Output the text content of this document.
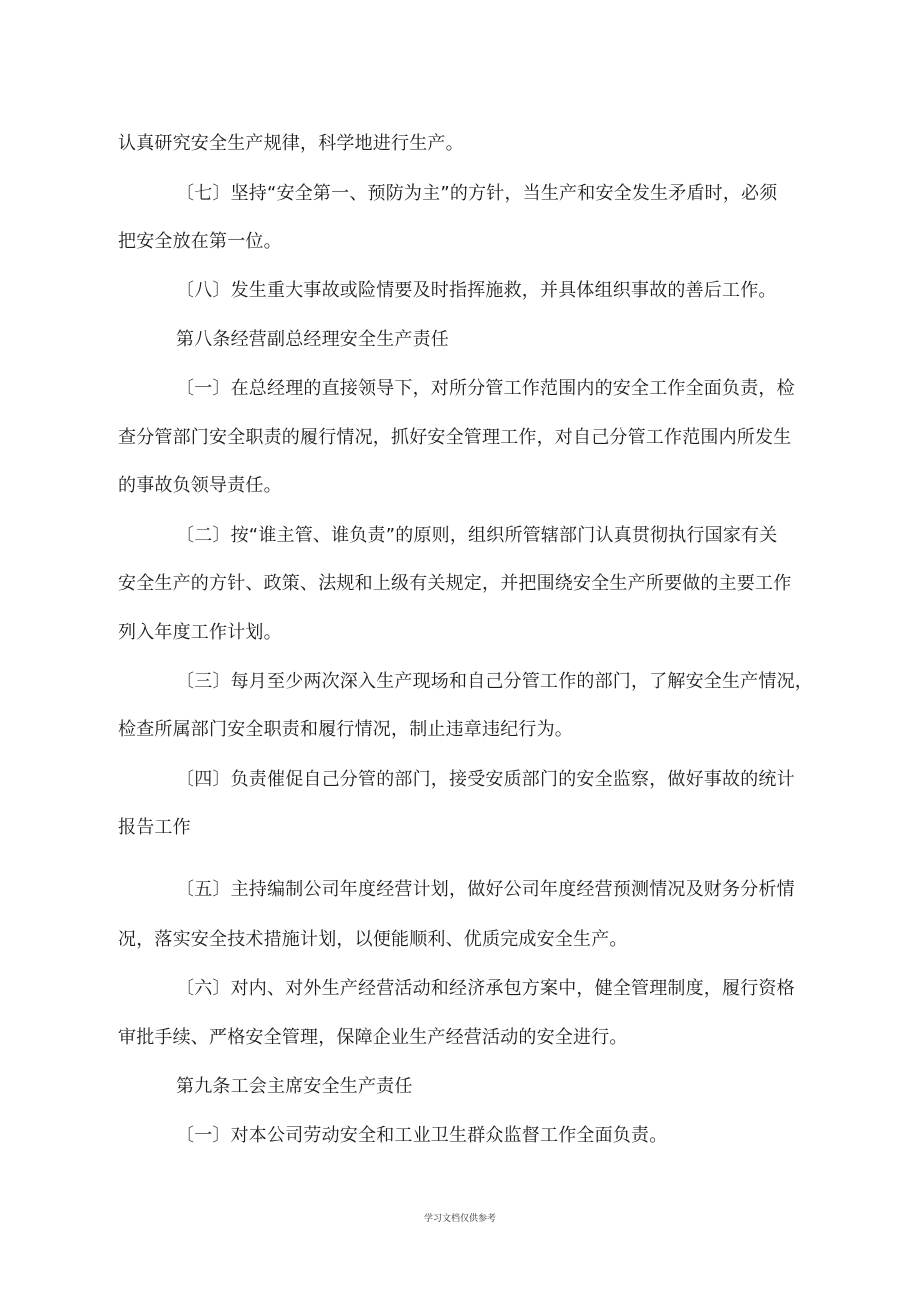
认真研究安全生产规律，科学地进行生产。
〔七〕坚持“安全第一、预防为主”的方针，当生产和安全发生矛盾时，必须
把安全放在第一位。
〔八〕发生重大事故或险情要及时指挥施救，并具体组织事故的善后工作。
第八条经营副总经理安全生产责任
〔一〕在总经理的直接领导下，对所分管工作范围内的安全工作全面负责，检
查分管部门安全职责的履行情况，抓好安全管理工作，对自己分管工作范围内所发生
的事故负领导责任。
〔二〕按“谁主管、谁负责”的原则，组织所管辖部门认真贯彻执行国家有关
安全生产的方针、政策、法规和上级有关规定，并把围绕安全生产所要做的主要工作
列入年度工作计划。
〔三〕每月至少两次深入生产现场和自己分管工作的部门，了解安全生产情况，
检查所属部门安全职责和履行情况，制止违章违纪行为。
〔四〕负责催促自己分管的部门，接受安质部门的安全监察，做好事故的统计
报告工作
〔五〕主持编制公司年度经营计划，做好公司年度经营预测情况及财务分析情
况，落实安全技术措施计划，以便能顺利、优质完成安全生产。
〔六〕对内、对外生产经营活动和经济承包方案中，健全管理制度，履行资格
审批手续、严格安全管理，保障企业生产经营活动的安全进行。
第九条工会主席安全生产责任
〔一〕对本公司劳动安全和工业卫生群众监督工作全面负责。
学习文档仅供参考
